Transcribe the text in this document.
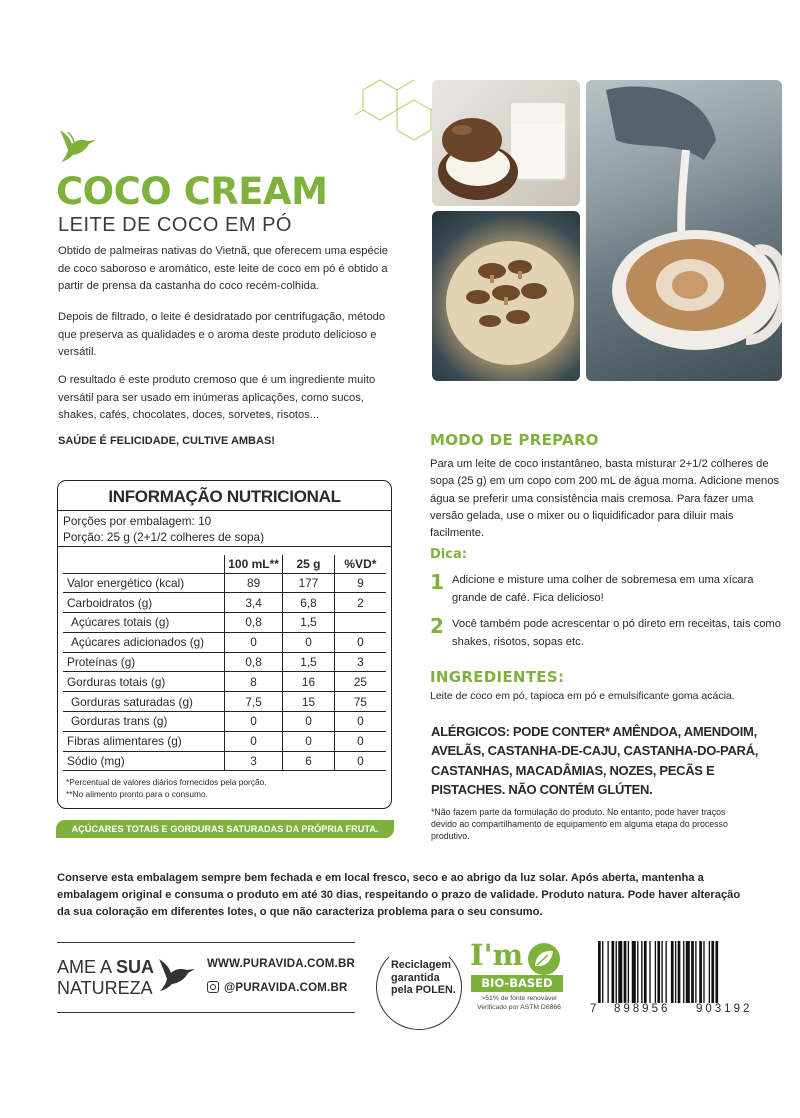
COCO CREAM
LEITE DE COCO EM PÓ
Obtido de palmeiras nativas do Vietnã, que oferecem uma espécie de coco saboroso e aromático, este leite de coco em pó é obtido a partir de prensa da castanha do coco recém-colhida.
Depois de filtrado, o leite é desidratado por centrifugação, método que preserva as qualidades e o aroma deste produto delicioso e versátil.
O resultado é este produto cremoso que é um ingrediente muito versátil para ser usado em inúmeras aplicações, como sucos, shakes, cafés, chocolates, doces, sorvetes, risotos...
SAÚDE É FELICIDADE, CULTIVE AMBAS!
INFORMAÇÃO NUTRICIONAL
Porções por embalagem: 10
Porção: 25 g (2+1/2 colheres de sopa)
	100 mL**	25 g	%VD*
Valor energético (kcal)	89	177	9
Carboidratos (g)	3,4	6,8	2
Açúcares totais (g)	0,8	1,5	
Açúcares adicionados (g)	0	0	0
Proteínas (g)	0,8	1,5	3
Gorduras totais (g)	8	16	25
Gorduras saturadas (g)	7,5	15	75
Gorduras trans (g)	0	0	0
Fibras alimentares (g)	0	0	0
Sódio (mg)	3	6	0
*Percentual de valores diários fornecidos pela porção.
**No alimento pronto para o consumo.
AÇÚCARES TOTAIS E GORDURAS SATURADAS DA PRÓPRIA FRUTA.
MODO DE PREPARO
Para um leite de coco instantâneo, basta misturar 2+1/2 colheres de sopa (25 g) em um copo com 200 mL de água morna. Adicione menos água se preferir uma consistência mais cremosa. Para fazer uma versão gelada, use o mixer ou o liquidificador para diluir mais facilmente.
Dica:
1 Adicione e misture uma colher de sobremesa em uma xícara grande de café. Fica delicioso!
2 Você também pode acrescentar o pó direto em receitas, tais como shakes, risotos, sopas etc.
INGREDIENTES:
Leite de coco em pó, tapioca em pó e emulsificante goma acácia.
ALÉRGICOS: PODE CONTER* AMÊNDOA, AMENDOIM, AVELÃS, CASTANHA-DE-CAJU, CASTANHA-DO-PARÁ, CASTANHAS, MACADÂMIAS, NOZES, PECÃS E PISTACHES. NÃO CONTÉM GLÚTEN.
*Não fazem parte da formulação do produto. No entanto, pode haver traços devido ao compartilhamento de equipamento em alguma etapa do processo produtivo.
Conserve esta embalagem sempre bem fechada e em local fresco, seco e ao abrigo da luz solar. Após aberta, mantenha a embalagem original e consuma o produto em até 30 dias, respeitando o prazo de validade. Produto natura. Pode haver alteração da sua coloração em diferentes lotes, o que não caracteriza problema para o seu consumo.
AME A SUA
NATUREZA
WWW.PURAVIDA.COM.BR
@PURAVIDA.COM.BR
Reciclagem
garantida
pela POLEN.
I'm
BIO-BASED
>51% de fonte renovável
Verificado por ASTM D6866	7 898956 903192
